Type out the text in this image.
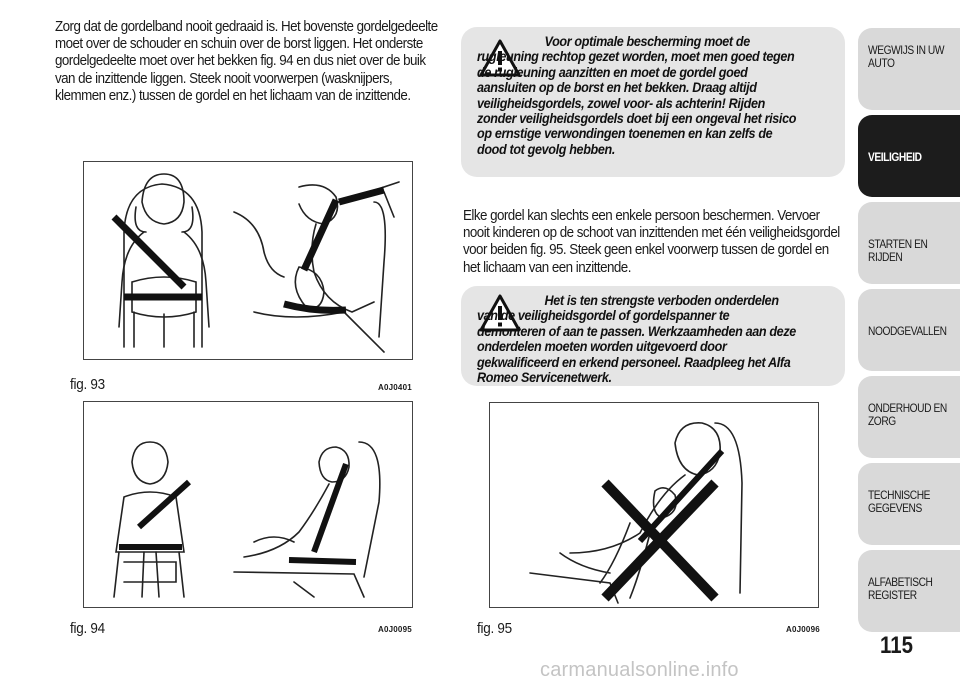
Zorg dat de gordelband nooit gedraaid is. Het bovenste gordelgedeelte moet over de schouder en schuin over de borst liggen. Het onderste gordelgedeelte moet over het bekken fig. 94 en dus niet over de buik van de inzittende liggen. Steek nooit voorwerpen (wasknijpers, klemmen enz.) tussen de gordel en het lichaam van de inzittende.
Voor optimale bescherming moet de rugleuning rechtop gezet worden, moet men goed tegen de rugleuning aanzitten en moet de gordel goed aansluiten op de borst en het bekken. Draag altijd veiligheidsgordels, zowel voor- als achterin! Rijden zonder veiligheidsgordels doet bij een ongeval het risico op ernstige verwondingen toenemen en kan zelfs de dood tot gevolg hebben.
Het is ten strengste verboden onderdelen van de veiligheidsgordel of gordelspanner te demonteren of aan te passen. Werkzaamheden aan deze onderdelen moeten worden uitgevoerd door gekwalificeerd en erkend personeel. Raadpleeg het Alfa Romeo Servicenetwerk.
Elke gordel kan slechts een enkele persoon beschermen. Vervoer nooit kinderen op de schoot van inzittenden met één veiligheidsgordel voor beiden fig. 95. Steek geen enkel voorwerp tussen de gordel en het lichaam van een inzittende.
fig. 93	A0J0401
fig. 94	A0J0095	fig. 95	A0J0096
WEGWIJS IN UW AUTO
VEILIGHEID
STARTEN EN RIJDEN
NOODGEVALLEN
ONDERHOUD EN ZORG
TECHNISCHE GEGEVENS
ALFABETISCH REGISTER
115
carmanualsonline.info
